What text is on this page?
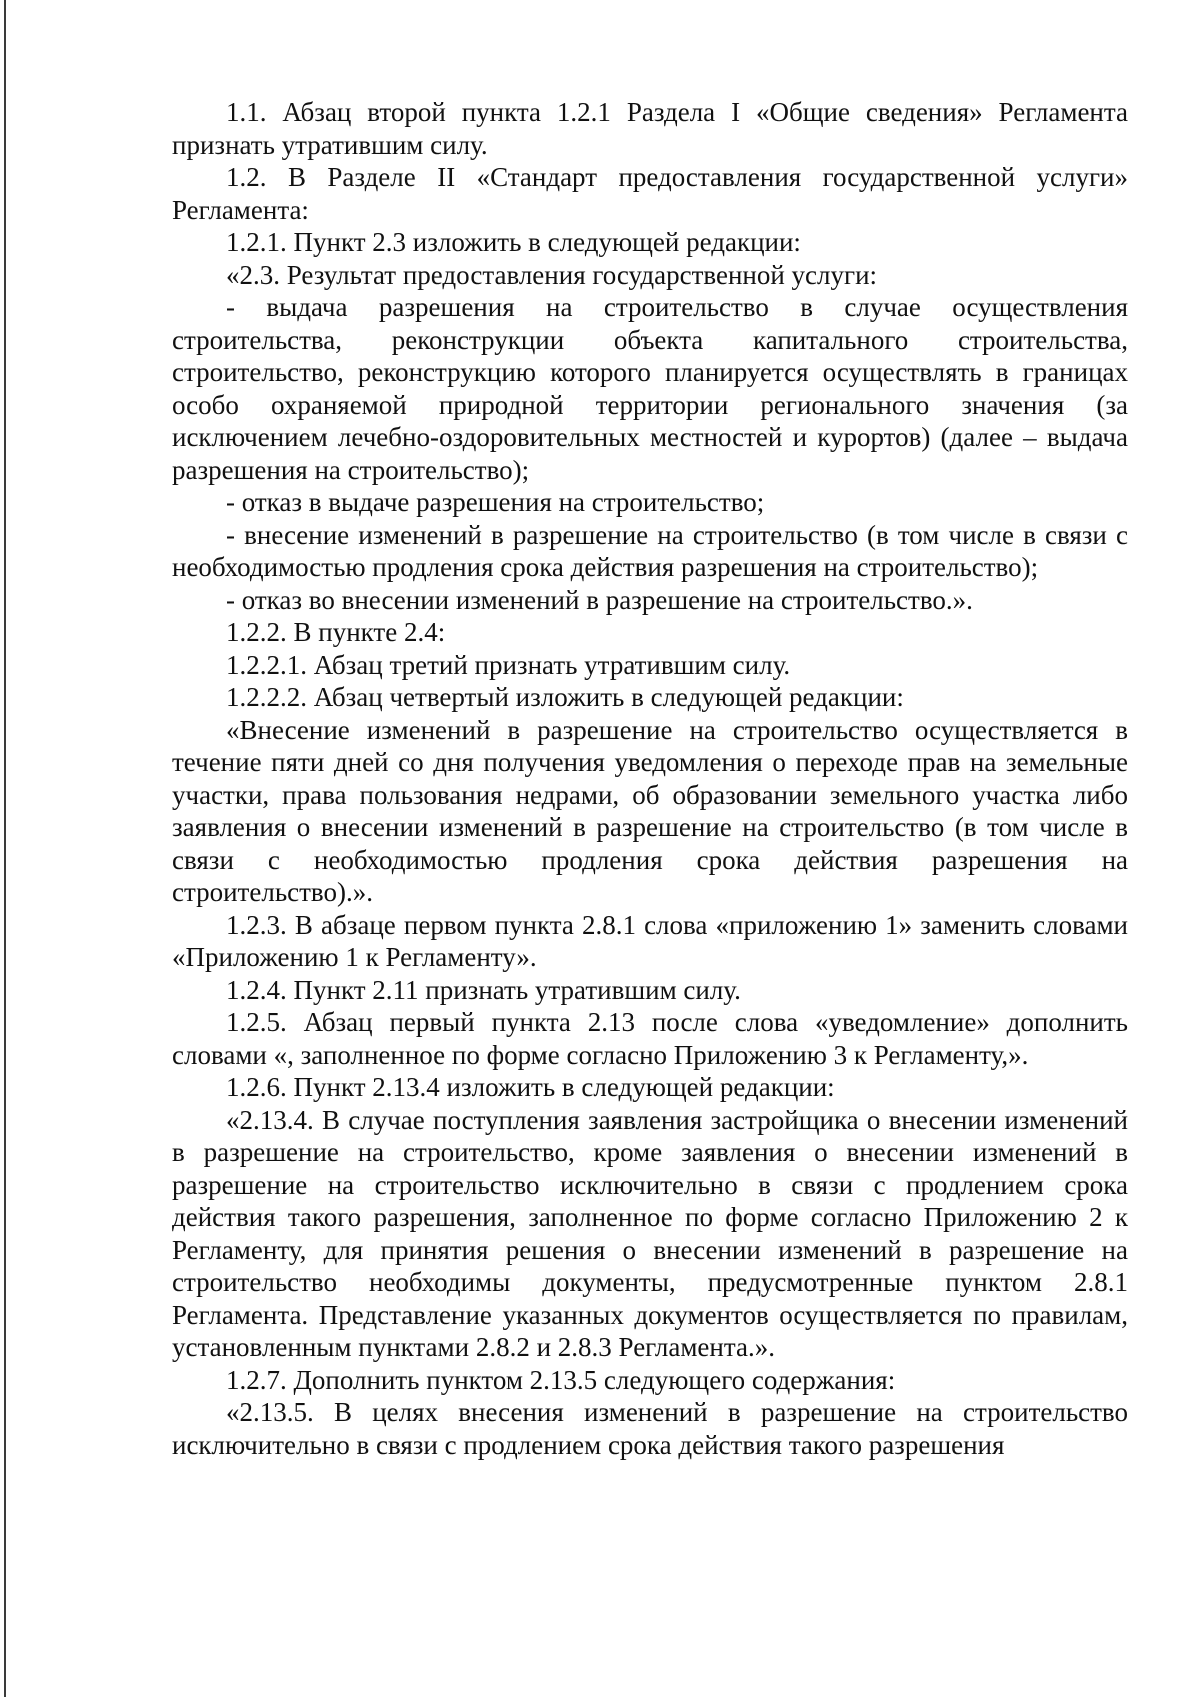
1.1. Абзац второй пункта 1.2.1 Раздела I «Общие сведения» Регламента признать утратившим силу.

1.2. В Разделе II «Стандарт предоставления государственной услуги» Регламента:

1.2.1. Пункт 2.3 изложить в следующей редакции:

«2.3. Результат предоставления государственной услуги:

- выдача разрешения на строительство в случае осуществления строительства, реконструкции объекта капитального строительства, строительство, реконструкцию которого планируется осуществлять в границах особо охраняемой природной территории регионального значения (за исключением лечебно-оздоровительных местностей и курортов) (далее – выдача разрешения на строительство);

- отказ в выдаче разрешения на строительство;

- внесение изменений в разрешение на строительство (в том числе в связи с необходимостью продления срока действия разрешения на строительство);

- отказ во внесении изменений в разрешение на строительство.».

1.2.2. В пункте 2.4:

1.2.2.1. Абзац третий признать утратившим силу.

1.2.2.2. Абзац четвертый изложить в следующей редакции:

«Внесение изменений в разрешение на строительство осуществляется в течение пяти дней со дня получения уведомления о переходе прав на земельные участки, права пользования недрами, об образовании земельного участка либо заявления о внесении изменений в разрешение на строительство (в том числе в связи с необходимостью продления срока действия разрешения на строительство).».

1.2.3. В абзаце первом пункта 2.8.1 слова «приложению 1» заменить словами «Приложению 1 к Регламенту».

1.2.4. Пункт 2.11 признать утратившим силу.

1.2.5. Абзац первый пункта 2.13 после слова «уведомление» дополнить словами «, заполненное по форме согласно Приложению 3 к Регламенту,».

1.2.6. Пункт 2.13.4 изложить в следующей редакции:

«2.13.4. В случае поступления заявления застройщика о внесении изменений в разрешение на строительство, кроме заявления о внесении изменений в разрешение на строительство исключительно в связи с продлением срока действия такого разрешения, заполненное по форме согласно Приложению 2 к Регламенту, для принятия решения о внесении изменений в разрешение на строительство необходимы документы, предусмотренные пунктом 2.8.1 Регламента. Представление указанных документов осуществляется по правилам, установленным пунктами 2.8.2 и 2.8.3 Регламента.».

1.2.7. Дополнить пунктом 2.13.5 следующего содержания:

«2.13.5. В целях внесения изменений в разрешение на строительство исключительно в связи с продлением срока действия такого разрешения
